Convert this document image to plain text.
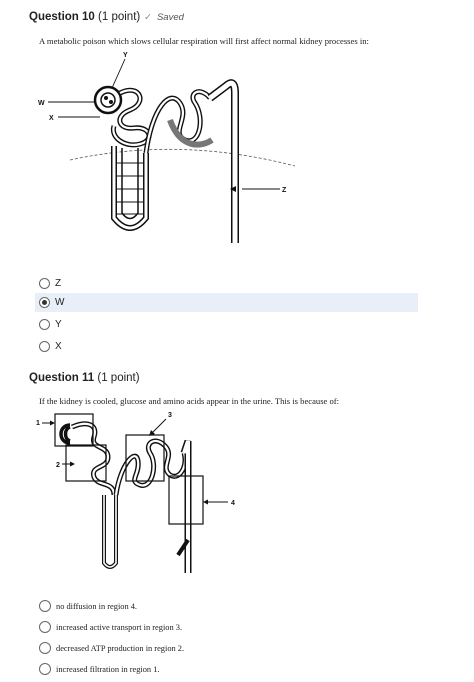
Question 10 (1 point) ✓ Saved
A metabolic poison which slows cellular respiration will first affect normal kidney processes in:
Y
W
X
Z
Z
W
Y
X
Question 11 (1 point)
If the kidney is cooled, glucose and amino acids appear in the urine. This is because of:
1
2
3
4
no diffusion in region 4.
increased active transport in region 3.
decreased ATP production in region 2.
increased filtration in region 1.
